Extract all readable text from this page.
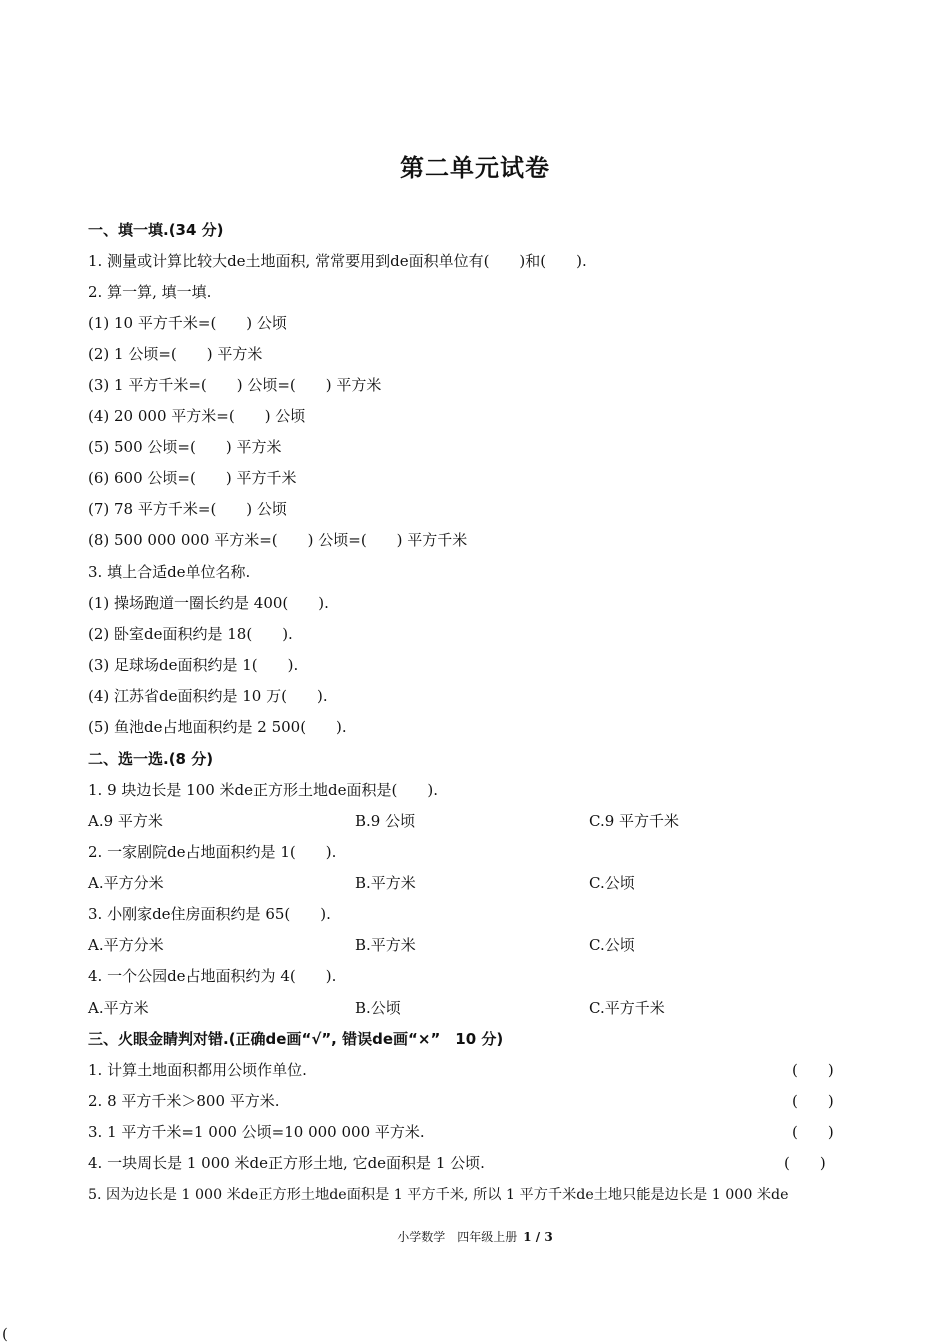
第二单元试卷
一、填一填.(34 分)
1. 测量或计算比较大de土地面积, 常常要用到de面积单位有(　　)和(　　).
2. 算一算, 填一填.
(1) 10 平方千米=(　　) 公顷
(2) 1 公顷=(　　) 平方米
(3) 1 平方千米=(　　) 公顷=(　　) 平方米
(4) 20 000 平方米=(　　) 公顷
(5) 500 公顷=(　　) 平方米
(6) 600 公顷=(　　) 平方千米
(7) 78 平方千米=(　　) 公顷
(8) 500 000 000 平方米=(　　) 公顷=(　　) 平方千米
3. 填上合适de单位名称.
(1) 操场跑道一圈长约是 400(　　).
(2) 卧室de面积约是 18(　　).
(3) 足球场de面积约是 1(　　).
(4) 江苏省de面积约是 10 万(　　).
(5) 鱼池de占地面积约是 2 500(　　).
二、选一选.(8 分)
1. 9 块边长是 100 米de正方形土地de面积是(　　).
A.9 平方米	B.9 公顷	C.9 平方千米
2. 一家剧院de占地面积约是 1(　　).
A.平方分米	B.平方米	C.公顷
3. 小刚家de住房面积约是 65(　　).
A.平方分米	B.平方米	C.公顷
4. 一个公园de占地面积约为 4(　　).
A.平方米	B.公顷	C.平方千米
三、火眼金睛判对错.(正确de画“√”, 错误de画“×”　10 分)
1. 计算土地面积都用公顷作单位.	(　　)
2. 8 平方千米＞800 平方米.	(　　)
3. 1 平方千米=1 000 公顷=10 000 000 平方米.	(　　)
4. 一块周长是 1 000 米de正方形土地, 它de面积是 1 公顷.	(　　)
5. 因为边长是 1 000 米de正方形土地de面积是 1 平方千米, 所以 1 平方千米de土地只能是边长是 1 000 米de
小学数学　四年级上册 1 / 3
(
